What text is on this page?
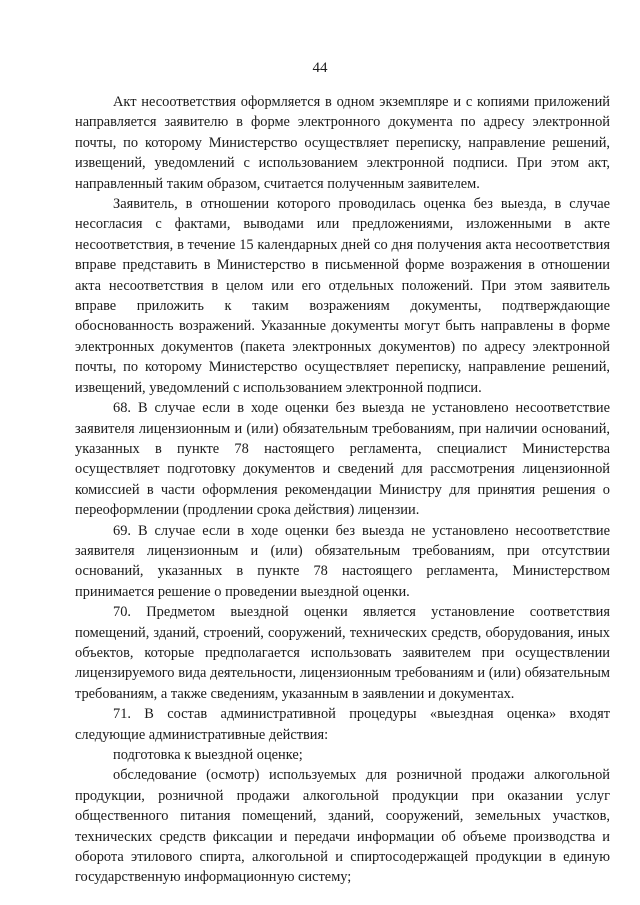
44

Акт несоответствия оформляется в одном экземпляре и с копиями приложений направляется заявителю в форме электронного документа по адресу электронной почты, по которому Министерство осуществляет переписку, направление решений, извещений, уведомлений с использованием электронной подписи. При этом акт, направленный таким образом, считается полученным заявителем.

Заявитель, в отношении которого проводилась оценка без выезда, в случае несогласия с фактами, выводами или предложениями, изложенными в акте несоответствия, в течение 15 календарных дней со дня получения акта несоответствия вправе представить в Министерство в письменной форме возражения в отношении акта несоответствия в целом или его отдельных положений. При этом заявитель вправе приложить к таким возражениям документы, подтверждающие обоснованность возражений. Указанные документы могут быть направлены в форме электронных документов (пакета электронных документов) по адресу электронной почты, по которому Министерство осуществляет переписку, направление решений, извещений, уведомлений с использованием электронной подписи.

68. В случае если в ходе оценки без выезда не установлено несоответствие заявителя лицензионным и (или) обязательным требованиям, при наличии оснований, указанных в пункте 78 настоящего регламента, специалист Министерства осуществляет подготовку документов и сведений для рассмотрения лицензионной комиссией в части оформления рекомендации Министру для принятия решения о переоформлении (продлении срока действия) лицензии.

69. В случае если в ходе оценки без выезда не установлено несоответствие заявителя лицензионным и (или) обязательным требованиям, при отсутствии оснований, указанных в пункте 78 настоящего регламента, Министерством принимается решение о проведении выездной оценки.

70. Предметом выездной оценки является установление соответствия помещений, зданий, строений, сооружений, технических средств, оборудования, иных объектов, которые предполагается использовать заявителем при осуществлении лицензируемого вида деятельности, лицензионным требованиям и (или) обязательным требованиям, а также сведениям, указанным в заявлении и документах.

71. В состав административной процедуры «выездная оценка» входят следующие административные действия:

подготовка к выездной оценке;

обследование (осмотр) используемых для розничной продажи алкогольной продукции, розничной продажи алкогольной продукции при оказании услуг общественного питания помещений, зданий, сооружений, земельных участков, технических средств фиксации и передачи информации об объеме производства и оборота этилового спирта, алкогольной и спиртосодержащей продукции в единую государственную информационную систему;
